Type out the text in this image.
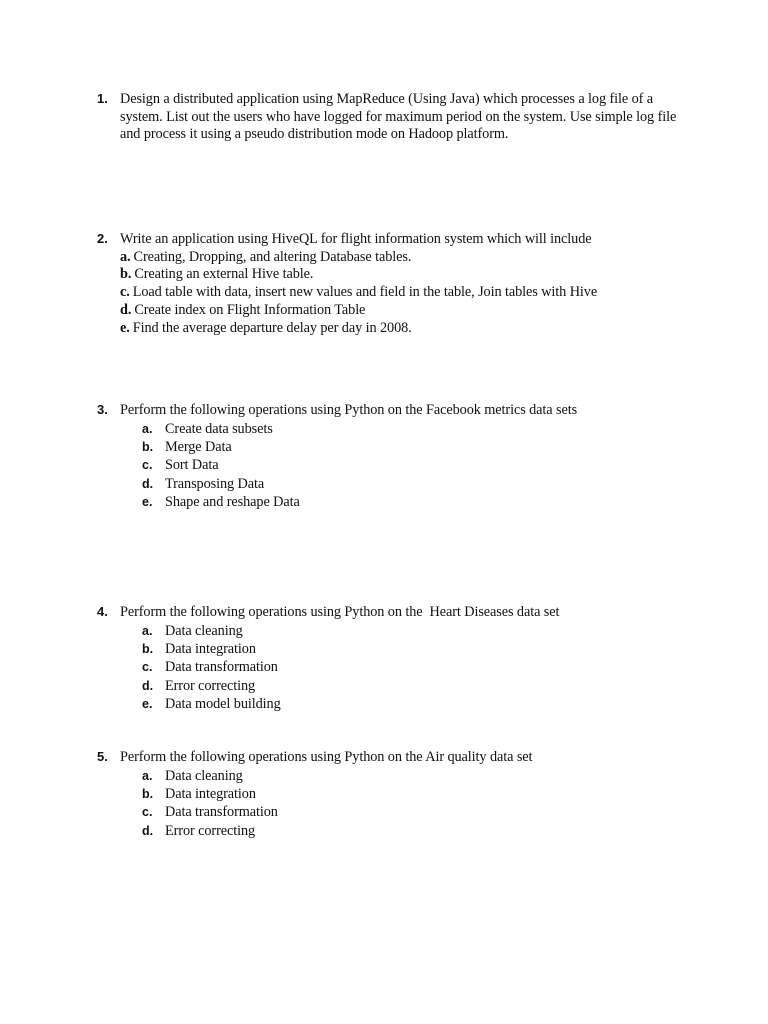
1. Design a distributed application using MapReduce (Using Java) which processes a log file of a system. List out the users who have logged for maximum period on the system. Use simple log file and process it using a pseudo distribution mode on Hadoop platform.
2. Write an application using HiveQL for flight information system which will include
a. Creating, Dropping, and altering Database tables.
b. Creating an external Hive table.
c. Load table with data, insert new values and field in the table, Join tables with Hive
d. Create index on Flight Information Table
e. Find the average departure delay per day in 2008.
3. Perform the following operations using Python on the Facebook metrics data sets
a. Create data subsets
b. Merge Data
c. Sort Data
d. Transposing Data
e. Shape and reshape Data
4. Perform the following operations using Python on the  Heart Diseases data set
a. Data cleaning
b. Data integration
c. Data transformation
d. Error correcting
e. Data model building
5. Perform the following operations using Python on the Air quality data set
a. Data cleaning
b. Data integration
c. Data transformation
d. Error correcting
